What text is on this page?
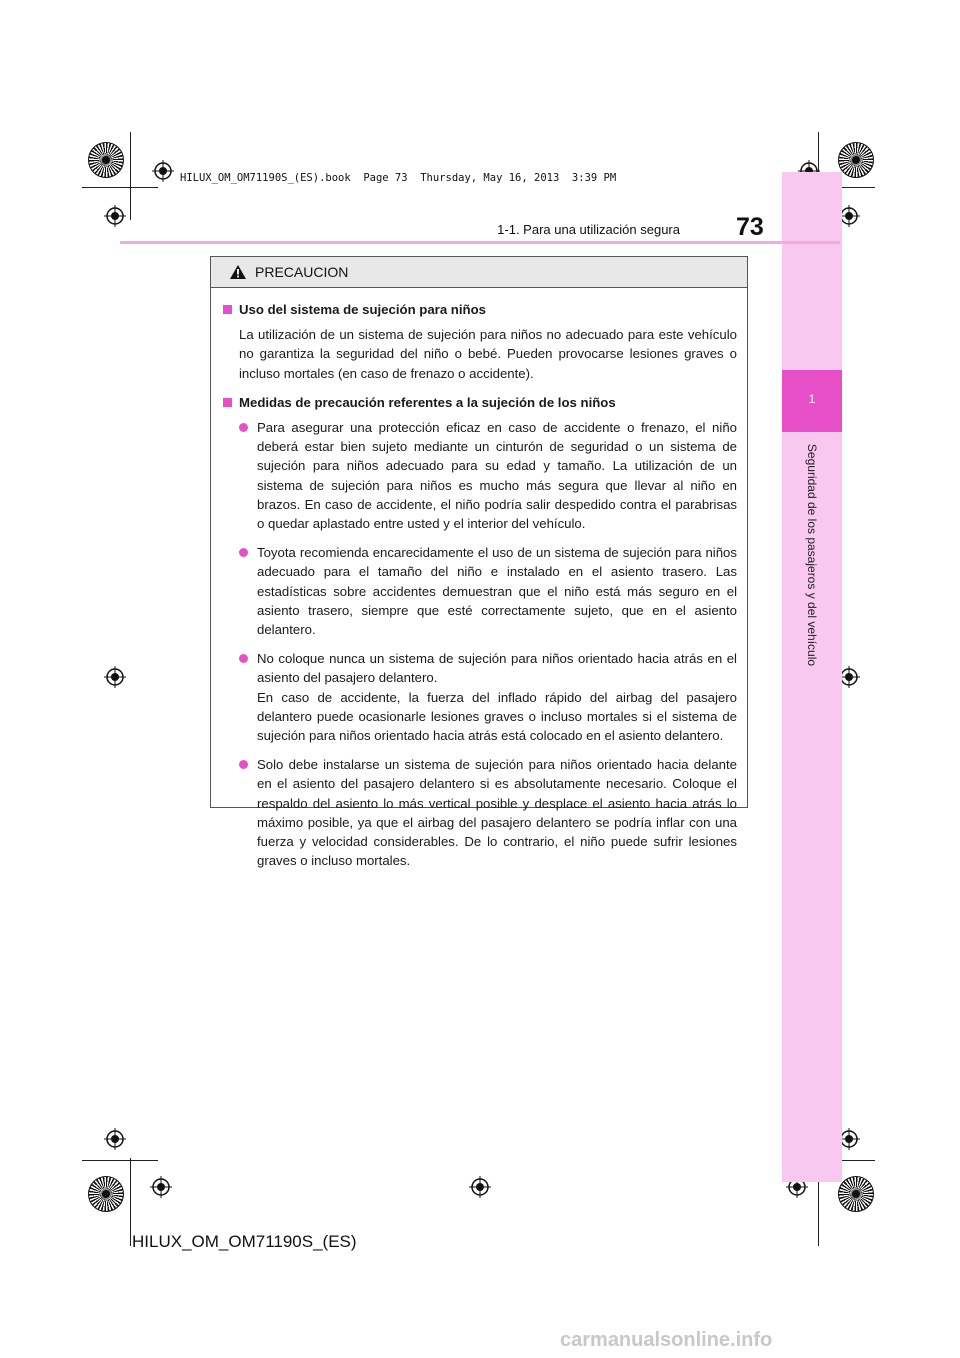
HILUX_OM_OM71190S_(ES).book  Page 73  Thursday, May 16, 2013  3:39 PM
1
Seguridad de los pasajeros y del vehículo
1-1. Para una utilización segura 73
PRECAUCION
Uso del sistema de sujeción para niños

La utilización de un sistema de sujeción para niños no adecuado para este vehículo no garantiza la seguridad del niño o bebé. Pueden provocarse lesiones graves o incluso mortales (en caso de frenazo o accidente).

Medidas de precaución referentes a la sujeción de los niños
Para asegurar una protección eficaz en caso de accidente o frenazo, el niño deberá estar bien sujeto mediante un cinturón de seguridad o un sistema de sujeción para niños adecuado para su edad y tamaño. La utilización de un sistema de sujeción para niños es mucho más segura que llevar al niño en brazos. En caso de accidente, el niño podría salir despedido contra el parabrisas o quedar aplastado entre usted y el interior del vehículo.
Toyota recomienda encarecidamente el uso de un sistema de sujeción para niños adecuado para el tamaño del niño e instalado en el asiento trasero. Las estadísticas sobre accidentes demuestran que el niño está más seguro en el asiento trasero, siempre que esté correctamente sujeto, que en el asiento delantero.
No coloque nunca un sistema de sujeción para niños orientado hacia atrás en el asiento del pasajero delantero.
En caso de accidente, la fuerza del inflado rápido del airbag del pasajero delantero puede ocasionarle lesiones graves o incluso mortales si el sistema de sujeción para niños orientado hacia atrás está colocado en el asiento delantero.
Solo debe instalarse un sistema de sujeción para niños orientado hacia delante en el asiento del pasajero delantero si es absolutamente necesario. Coloque el respaldo del asiento lo más vertical posible y desplace el asiento hacia atrás lo máximo posible, ya que el airbag del pasajero delantero se podría inflar con una fuerza y velocidad considerables. De lo contrario, el niño puede sufrir lesiones graves o incluso mortales.
HILUX_OM_OM71190S_(ES)
carmanualsonline.info
